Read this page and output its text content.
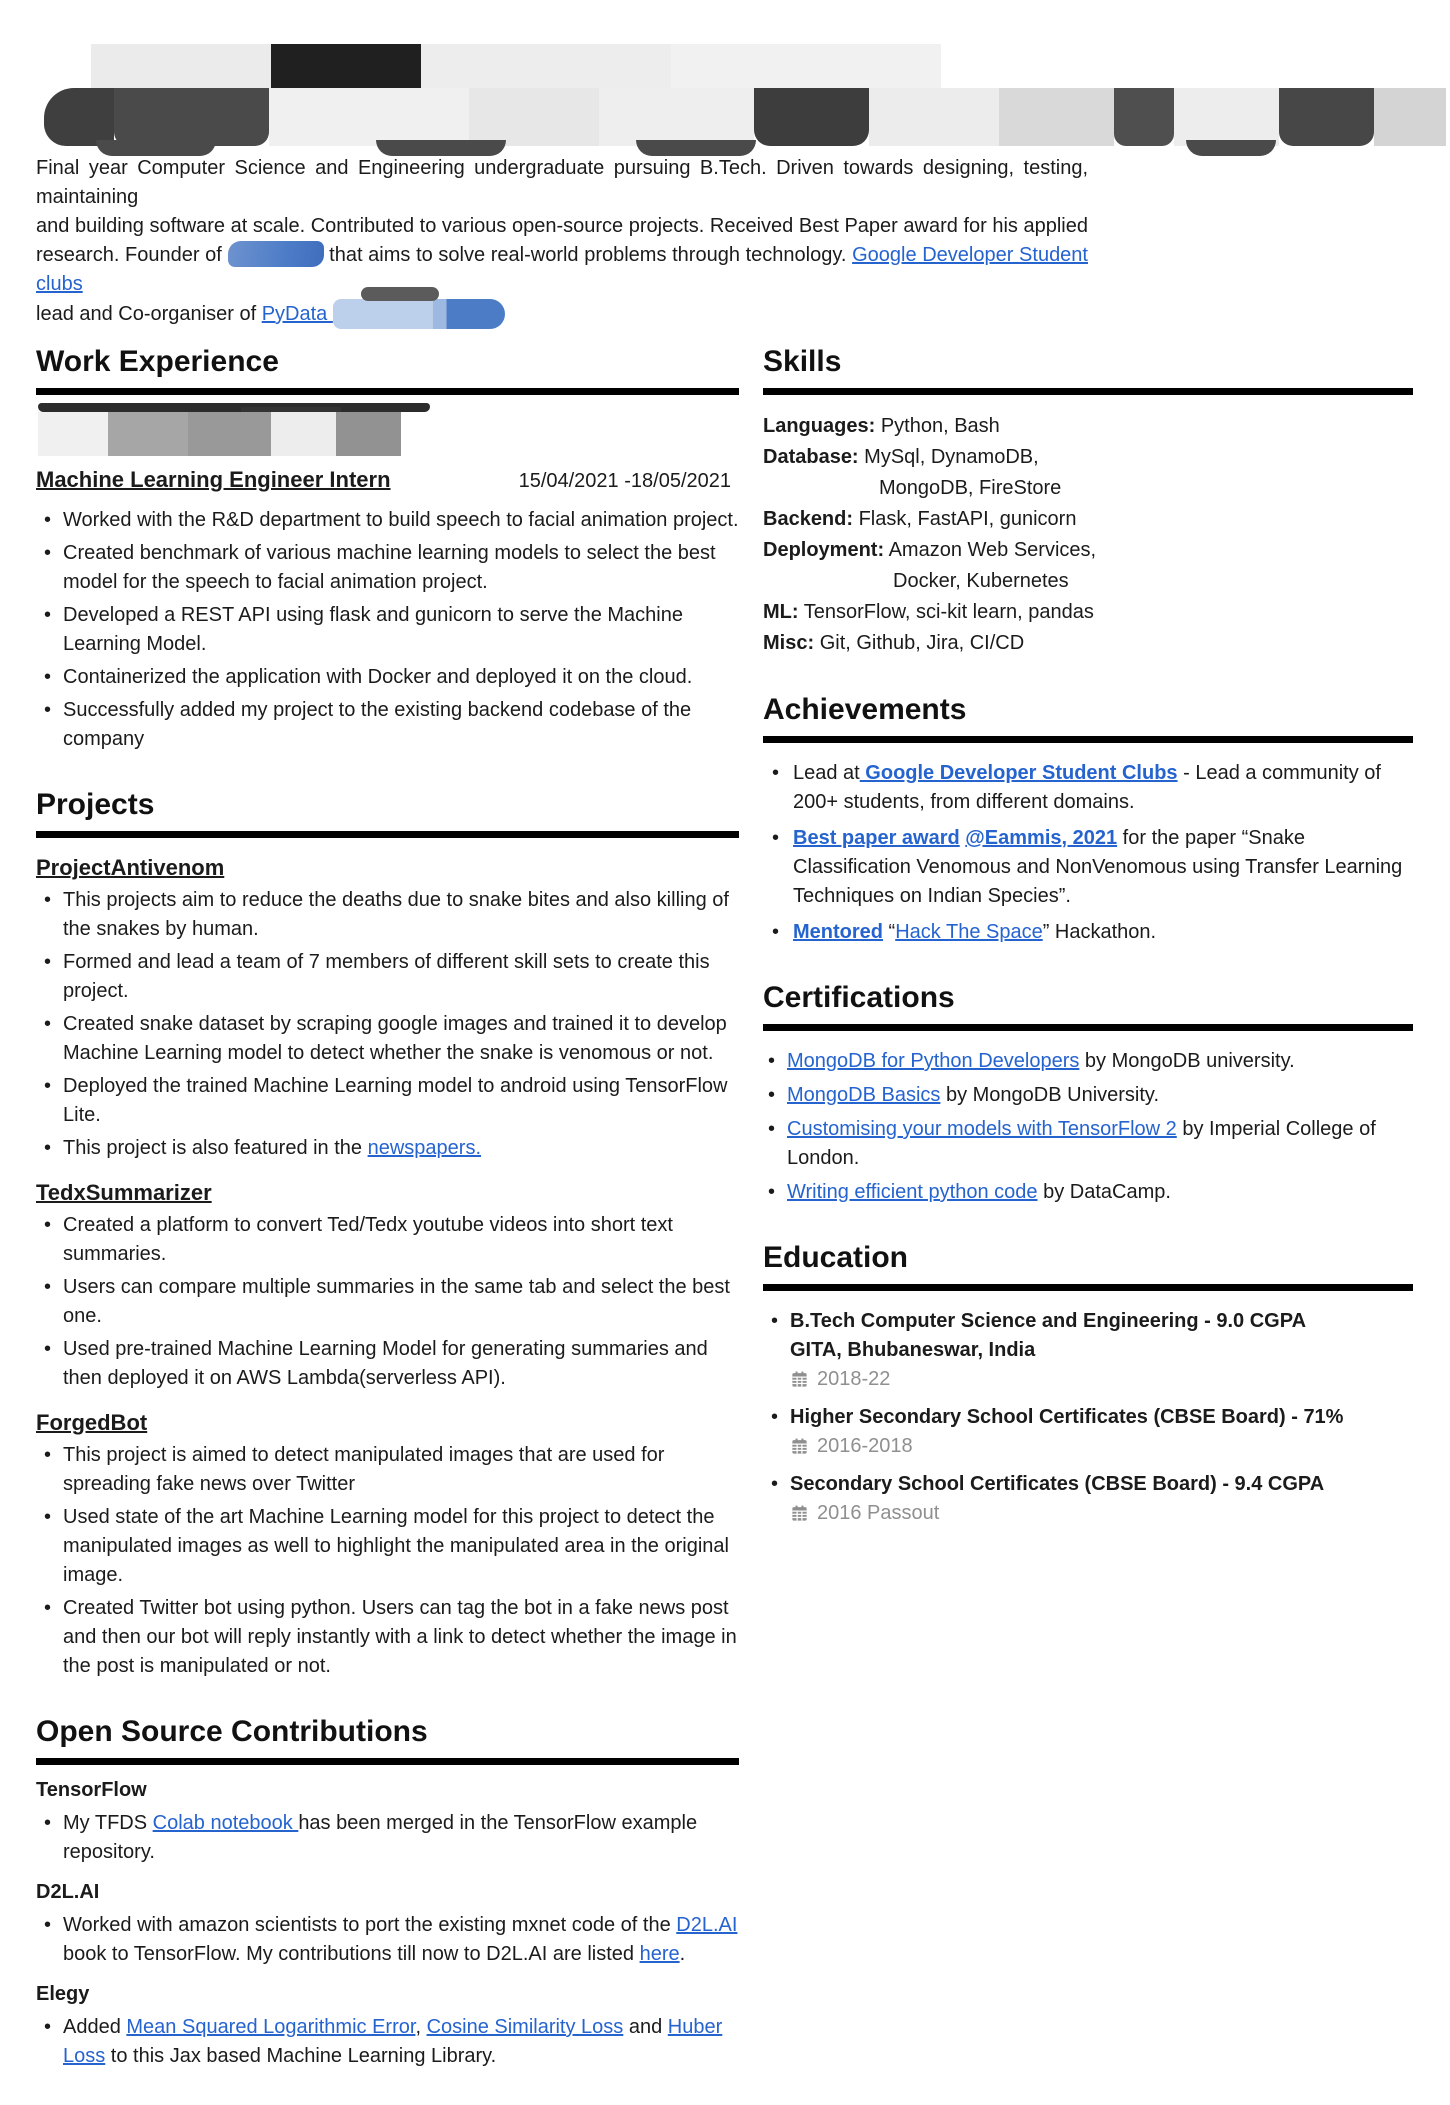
Final year Computer Science and Engineering undergraduate pursuing B.Tech. Driven towards designing, testing, maintaining
and building software at scale. Contributed to various open-source projects. Received Best Paper award for his applied
research. Founder of	that aims to solve real-world problems through technology. Google Developer Student clubs
lead and Co-organiser of PyData
Work Experience
Machine Learning Engineer Intern	15/04/2021 -18/05/2021
• Worked with the R&D department to build speech to facial animation project.
• Created benchmark of various machine learning models to select the best model for the speech to facial animation project.
• Developed a REST API using flask and gunicorn to serve the Machine Learning Model.
• Containerized the application with Docker and deployed it on the cloud.
• Successfully added my project to the existing backend codebase of the company
Projects
ProjectAntivenom
• This projects aim to reduce the deaths due to snake bites and also killing of the snakes by human.
• Formed and lead a team of 7 members of different skill sets to create this project.
• Created snake dataset by scraping google images and trained it to develop Machine Learning model to detect whether the snake is venomous or not.
• Deployed the trained Machine Learning model to android using TensorFlow Lite.
• This project is also featured in the newspapers.
TedxSummarizer
• Created a platform to convert Ted/Tedx youtube videos into short text summaries.
• Users can compare multiple summaries in the same tab and select the best one.
• Used pre-trained Machine Learning Model for generating summaries and then deployed it on AWS Lambda(serverless API).
ForgedBot
• This project is aimed to detect manipulated images that are used for spreading fake news over Twitter
• Used state of the art Machine Learning model for this project to detect the manipulated images as well to highlight the manipulated area in the original image.
• Created Twitter bot using python. Users can tag the bot in a fake news post and then our bot will reply instantly with a link to detect whether the image in the post is manipulated or not.
Open Source Contributions
TensorFlow
• My TFDS Colab notebook has been merged in the TensorFlow example repository.
D2L.AI
• Worked with amazon scientists to port the existing mxnet code of the D2L.AI book to TensorFlow. My contributions till now to D2L.AI are listed here.
Elegy
• Added Mean Squared Logarithmic Error, Cosine Similarity Loss and Huber Loss to this Jax based Machine Learning Library.
Skills
Languages: Python, Bash
Database: MySql, DynamoDB,
MongoDB, FireStore
Backend: Flask, FastAPI, gunicorn
Deployment: Amazon Web Services,
Docker, Kubernetes
ML: TensorFlow, sci-kit learn, pandas
Misc: Git, Github, Jira, CI/CD
Achievements
• Lead at Google Developer Student Clubs - Lead a community of 200+ students, from different domains.
• Best paper award @Eammis, 2021 for the paper “Snake Classification Venomous and NonVenomous using Transfer Learning Techniques on Indian Species”.
• Mentored “Hack The Space” Hackathon.
Certifications
• MongoDB for Python Developers by MongoDB university.
• MongoDB Basics by MongoDB University.
• Customising your models with TensorFlow 2 by Imperial College of London.
• Writing efficient python code by DataCamp.
Education
• B.Tech Computer Science and Engineering - 9.0 CGPA
GITA, Bhubaneswar, India
2018-22
• Higher Secondary School Certificates (CBSE Board) - 71%
2016-2018
• Secondary School Certificates (CBSE Board) - 9.4 CGPA
2016 Passout
